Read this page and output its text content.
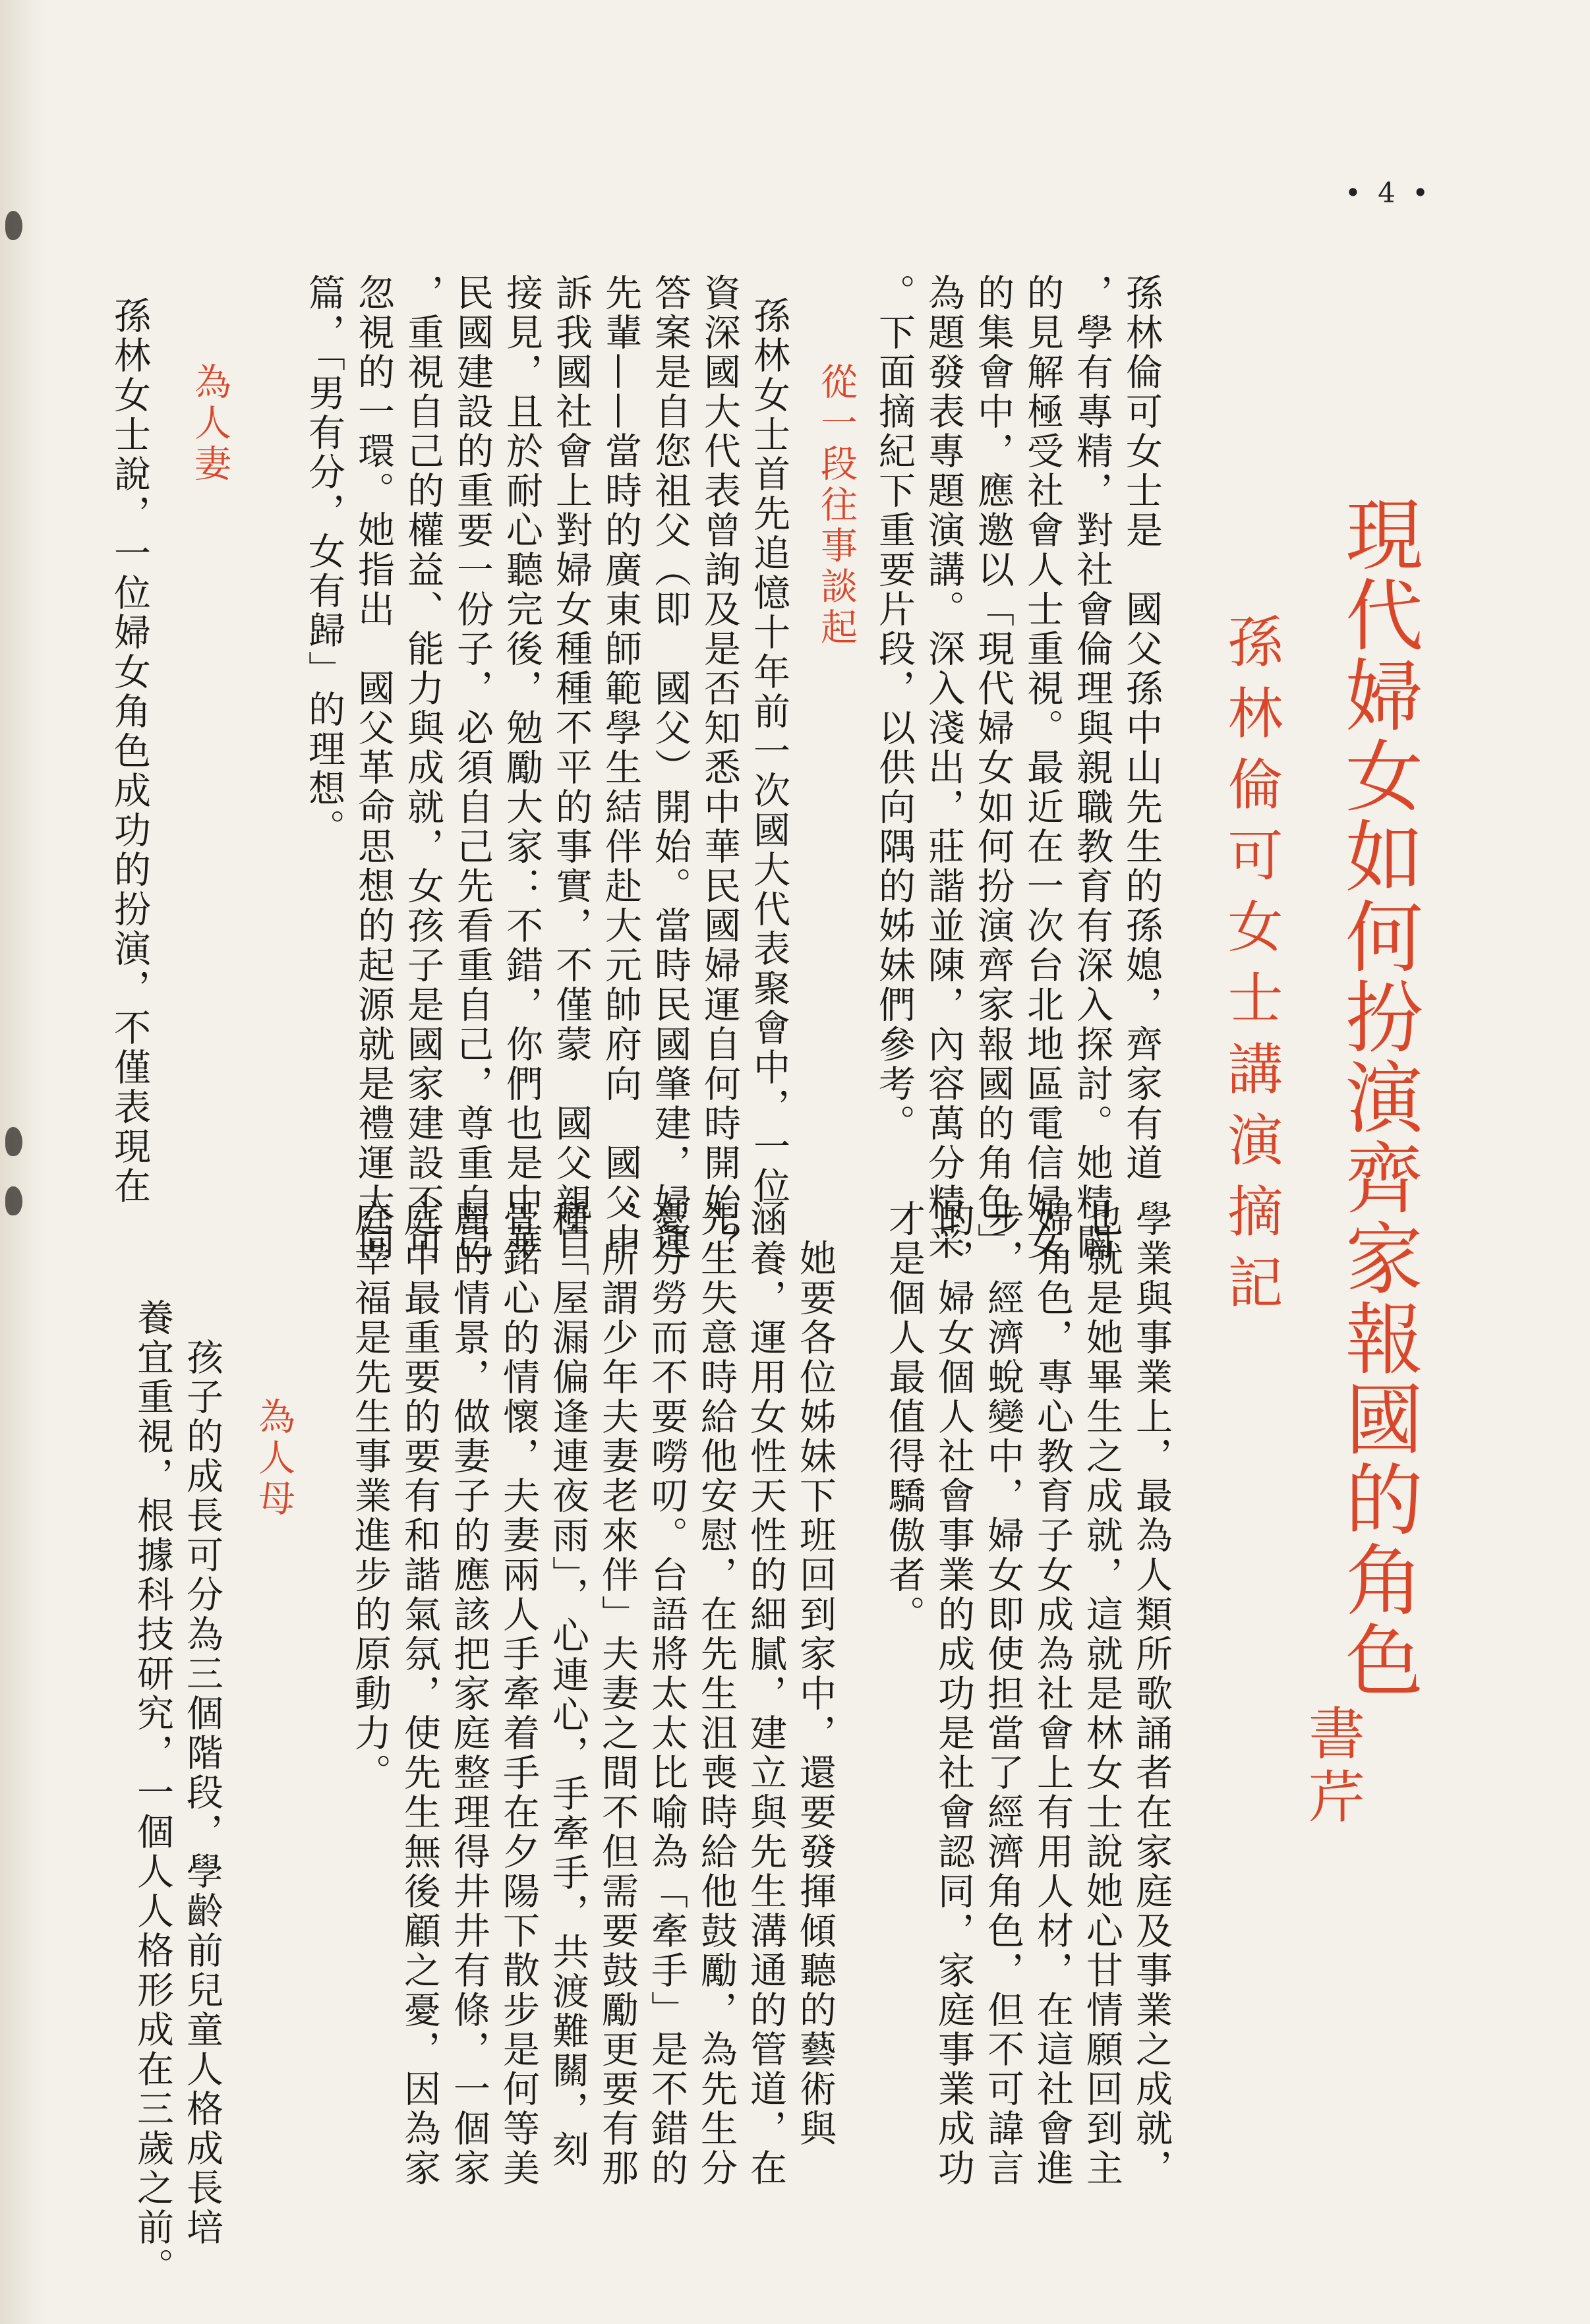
• 4 •
現代婦女如何扮演齊家報國的角色
孫林倫可女士講演摘記
書芹
孫林倫可女士是　國父孫中山先生的孫媳，齊家有道
，學有專精，對社會倫理與親職教育有深入探討。她精闢
的見解極受社會人士重視。最近在一次台北地區電信婦女
的集會中，應邀以「現代婦女如何扮演齊家報國的角色」
為題發表專題演講。深入淺出，莊諧並陳，內容萬分精采
。下面摘紀下重要片段，以供向隅的姊妹們參考。
從一段往事談起
孫林女士首先追憶十年前一次國大代表聚會中，一位
資深國大代表曾詢及是否知悉中華民國婦運自何時開始？
答案是自您祖父（即　國父）開始。當時民國肇建，婦運
先輩——當時的廣東師範學生結伴赴大元帥府向　國父申
訴我國社會上對婦女種種不平的事實，不僅蒙　國父親自
接見，且於耐心聽完後，勉勵大家：不錯，你們也是中華
民國建設的重要一份子，必須自己先看重自己，尊重自己
，重視自己的權益、能力與成就，女孩子是國家建設不可
忽視的一環。她指出　國父革命思想的起源就是禮運大同
篇，「男有分，女有歸」的理想。
為人妻
孫林女士說，一位婦女角色成功的扮演，不僅表現在
學業與事業上，最為人類所歌誦者在家庭及事業之成就，
也就是她畢生之成就，這就是林女士說她心甘情願回到主
婦角色，專心教育子女成為社會上有用人材，在這社會進
步，經濟蛻變中，婦女即使担當了經濟角色，但不可諱言
的，婦女個人社會事業的成功是社會認同，家庭事業成功
才是個人最值得驕傲者。
她要各位姊妹下班回到家中，還要發揮傾聽的藝術與
涵養，運用女性天性的細膩，建立與先生溝通的管道，在
先生失意時給他安慰，在先生沮喪時給他鼓勵，為先生分
憂分勞而不要嘮叨。台語將太太比喻為「牽手」是不錯的
，所謂少年夫妻老來伴」夫妻之間不但需要鼓勵更要有那
種「屋漏偏逢連夜雨」，心連心，手牽手，共渡難關，刻
骨銘心的情懷，夫妻兩人手牽着手在夕陽下散步是何等美
麗的情景，做妻子的應該把家庭整理得井井有條，一個家
庭中最重要的要有和諧氣氛，使先生無後顧之憂，因為家
庭幸福是先生事業進步的原動力。
為人母
孩子的成長可分為三個階段，學齡前兒童人格成長培
養宜重視，根據科技研究，一個人人格形成在三歲之前。
